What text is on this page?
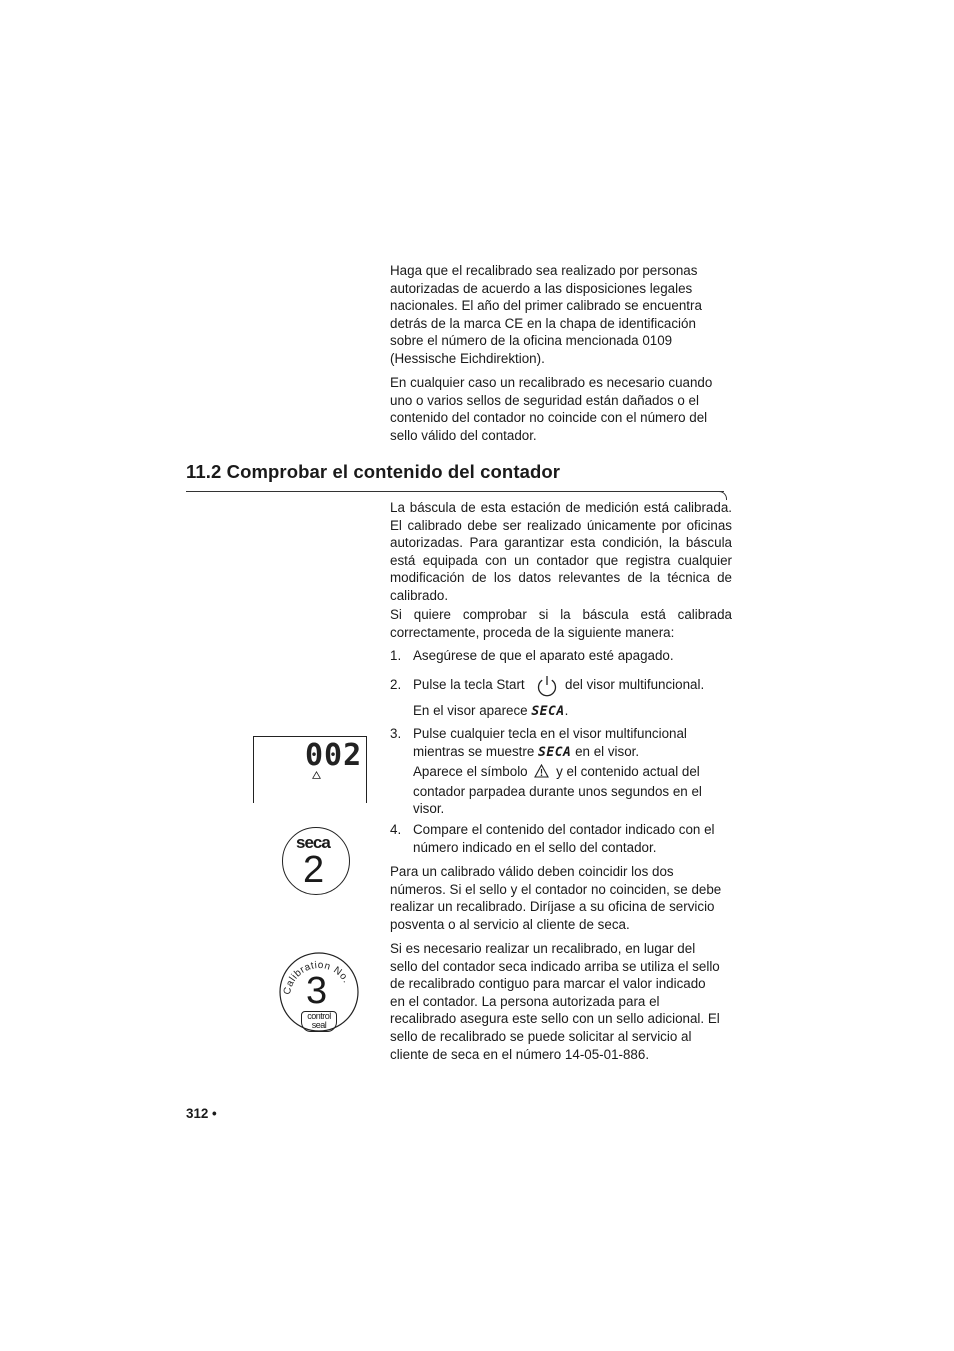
Haga que el recalibrado sea realizado por personas

autorizadas de acuerdo a las disposiciones legales

nacionales. El año del primer calibrado se encuentra

detrás de la marca CE en la chapa de identificación

sobre el número de la oficina mencionada 0109

(Hessische Eichdirektion).

En cualquier caso un recalibrado es necesario cuando

uno o varios sellos de seguridad están dañados o el

contenido del contador no coincide con el número del

sello válido del contador.

11.2 Comprobar el contenido del contador

La báscula de esta estación de medición está calibrada. El calibrado debe ser realizado únicamente por oficinas autorizadas. Para garantizar esta condición, la báscula está equipada con un contador que registra cualquier modificación de los datos relevantes de la técnica de calibrado.

Si quiere comprobar si la báscula está calibrada correctamente, proceda de la siguiente manera:

1. Asegúrese de que el aparato esté apagado.

2. Pulse la tecla Start	del visor multifuncional.
En el visor aparece SECA.
3. Pulse cualquier tecla en el visor multifuncional
mientras se muestre SECA en el visor.
Aparece el símbolo y el contenido actual del
contador parpadea durante unos segundos en el
visor.
4. Compare el contenido del contador indicado con el número indicado en el sello del contador.

Para un calibrado válido deben coincidir los dos

números. Si el sello y el contador no coinciden, se debe

realizar un recalibrado. Diríjase a su oficina de servicio

posventa o al servicio al cliente de seca.

Si es necesario realizar un recalibrado, en lugar del

sello del contador seca indicado arriba se utiliza el sello

de recalibrado contiguo para marcar el valor indicado

en el contador. La persona autorizada para el

recalibrado asegura este sello con un sello adicional. El

sello de recalibrado se puede solicitar al servicio al

cliente de seca en el número 14-05-01-886.

002
seca
2
Calibration No.
3
control
seal
312 •
